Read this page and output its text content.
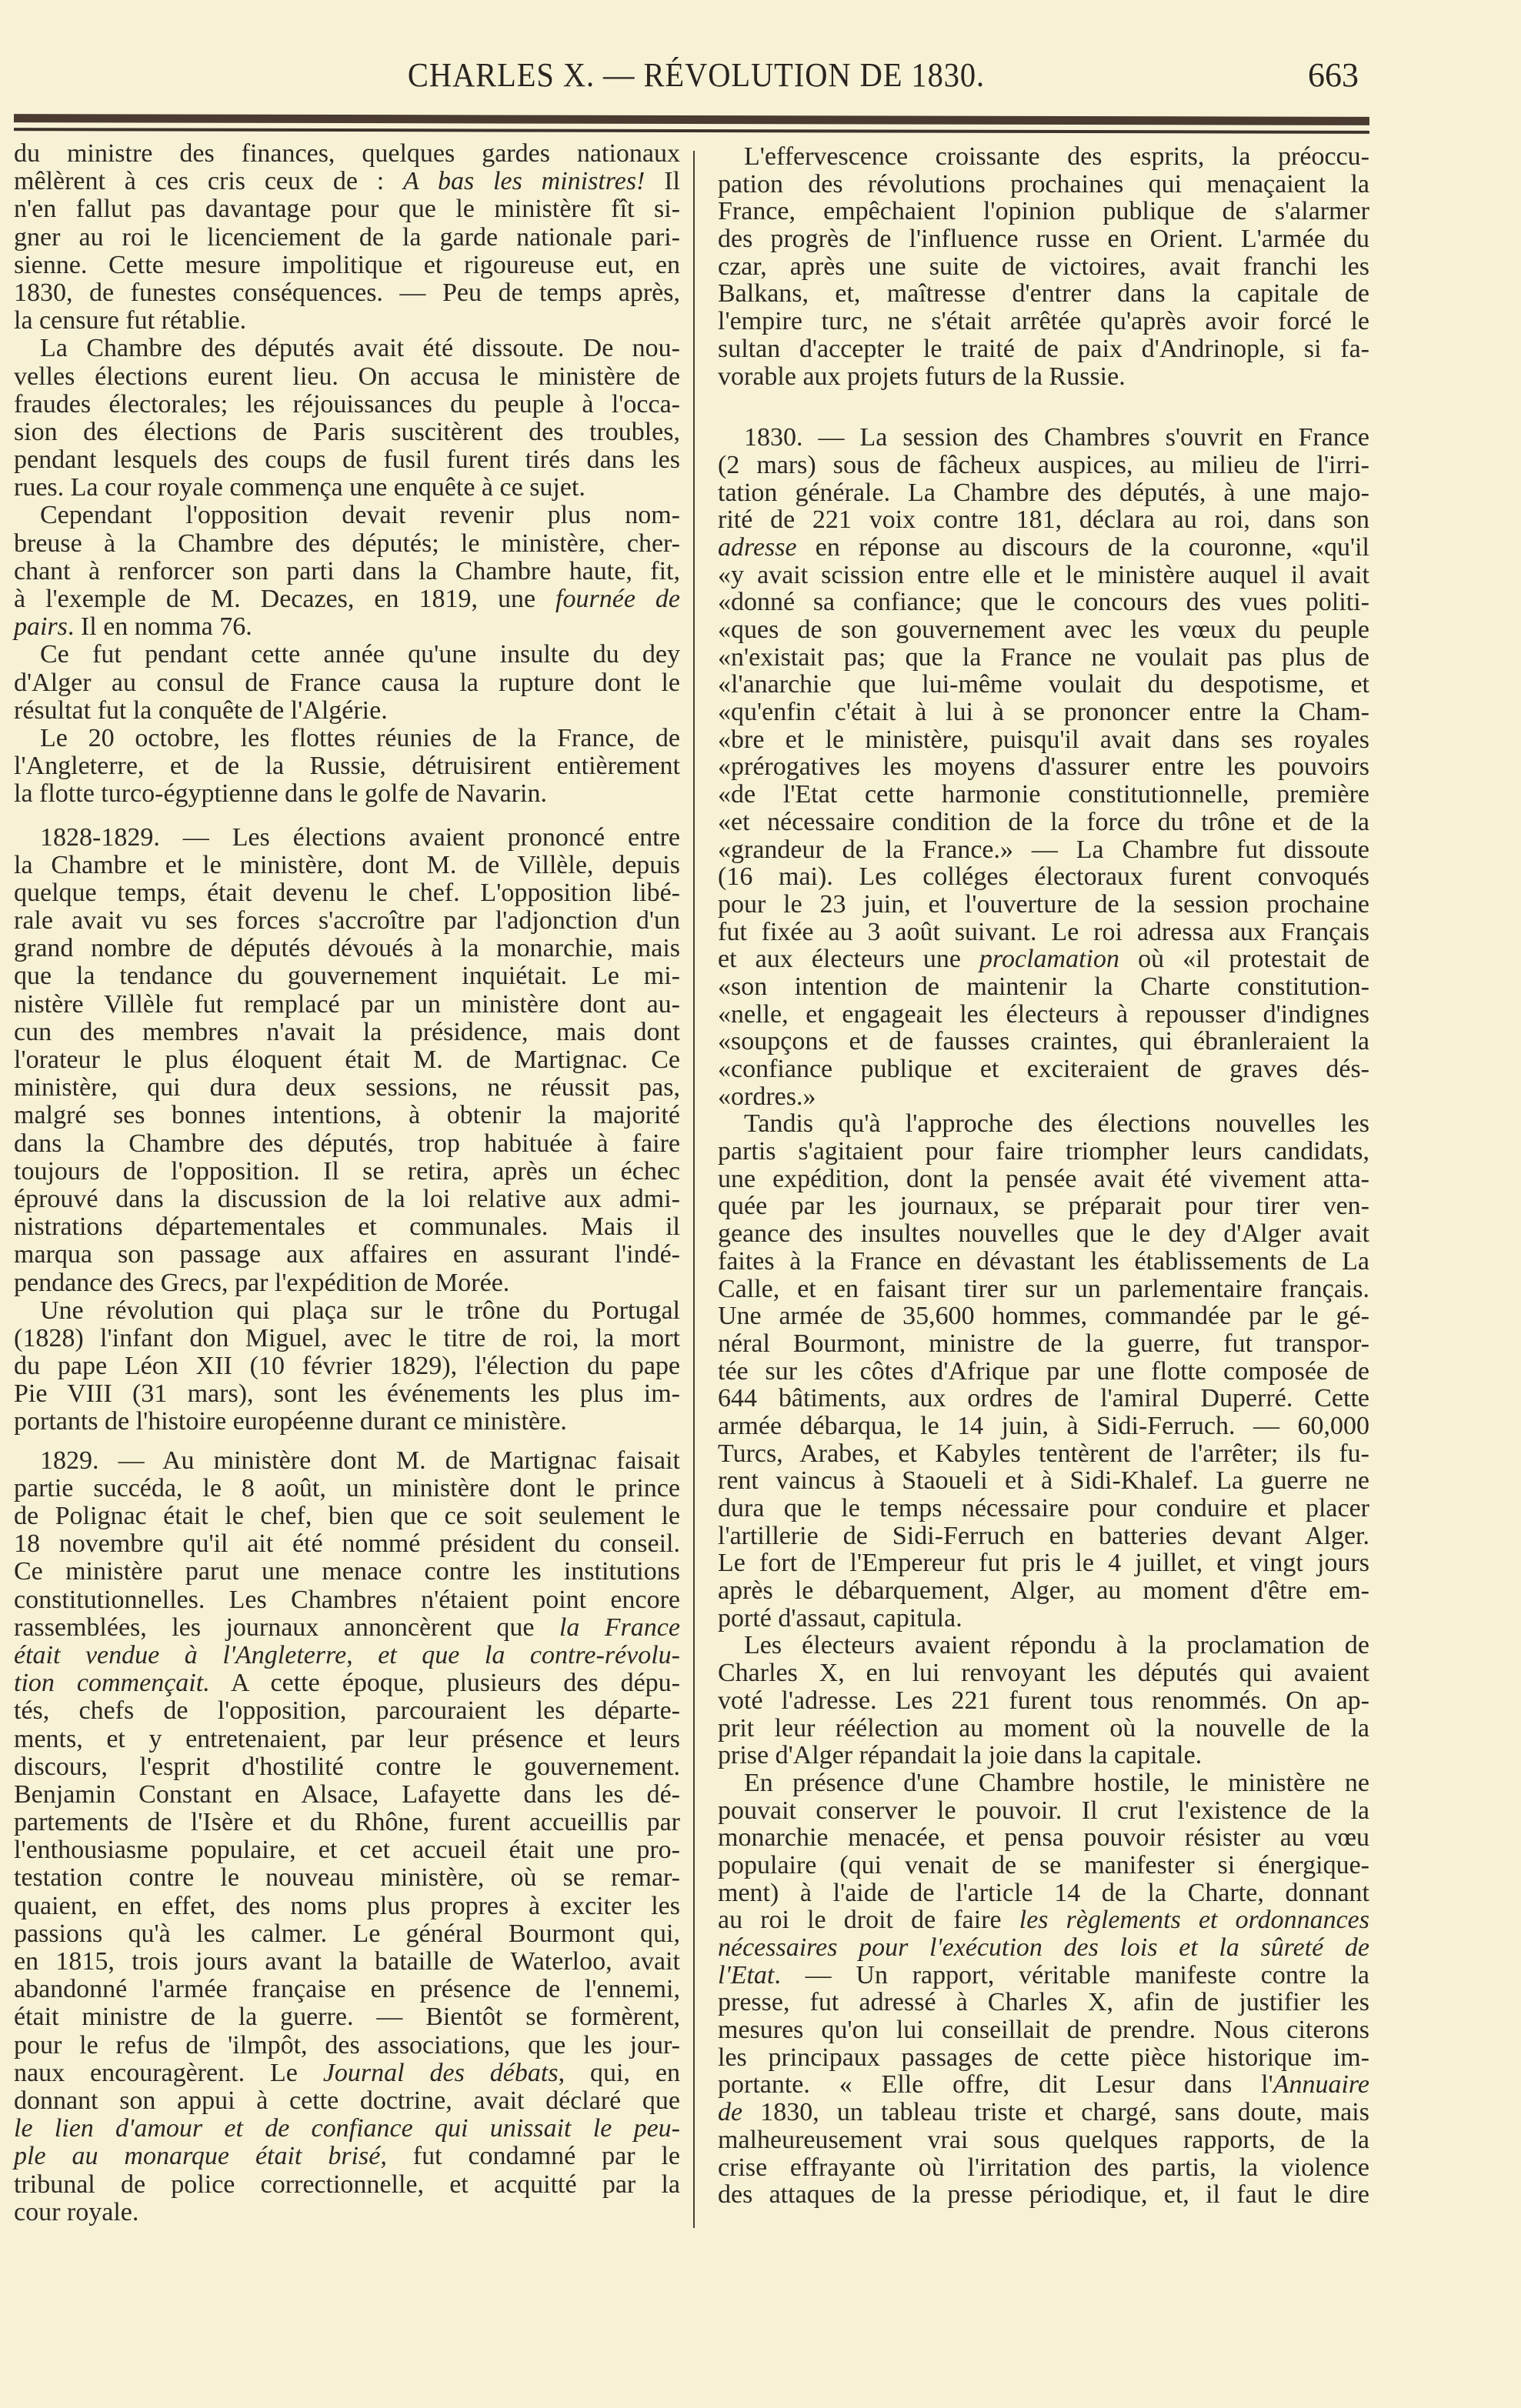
CHARLES X. — RÉVOLUTION DE 1830.	663
du ministre des finances, quelques gardes nationaux
mêlèrent à ces cris ceux de : A bas les ministres! Il
n'en fallut pas davantage pour que le ministère fît si-
gner au roi le licenciement de la garde nationale pari-
sienne. Cette mesure impolitique et rigoureuse eut, en
1830, de funestes conséquences. — Peu de temps après,
la censure fut rétablie.
La Chambre des députés avait été dissoute. De nou-
velles élections eurent lieu. On accusa le ministère de
fraudes électorales; les réjouissances du peuple à l'occa-
sion des élections de Paris suscitèrent des troubles,
pendant lesquels des coups de fusil furent tirés dans les
rues. La cour royale commença une enquête à ce sujet.
Cependant l'opposition devait revenir plus nom-
breuse à la Chambre des députés; le ministère, cher-
chant à renforcer son parti dans la Chambre haute, fit,
à l'exemple de M. Decazes, en 1819, une fournée de
pairs. Il en nomma 76.
Ce fut pendant cette année qu'une insulte du dey
d'Alger au consul de France causa la rupture dont le
résultat fut la conquête de l'Algérie.
Le 20 octobre, les flottes réunies de la France, de
l'Angleterre, et de la Russie, détruisirent entièrement
la flotte turco-égyptienne dans le golfe de Navarin.
1828-1829. — Les élections avaient prononcé entre
la Chambre et le ministère, dont M. de Villèle, depuis
quelque temps, était devenu le chef. L'opposition libé-
rale avait vu ses forces s'accroître par l'adjonction d'un
grand nombre de députés dévoués à la monarchie, mais
que la tendance du gouvernement inquiétait. Le mi-
nistère Villèle fut remplacé par un ministère dont au-
cun des membres n'avait la présidence, mais dont
l'orateur le plus éloquent était M. de Martignac. Ce
ministère, qui dura deux sessions, ne réussit pas,
malgré ses bonnes intentions, à obtenir la majorité
dans la Chambre des députés, trop habituée à faire
toujours de l'opposition. Il se retira, après un échec
éprouvé dans la discussion de la loi relative aux admi-
nistrations départementales et communales. Mais il
marqua son passage aux affaires en assurant l'indé-
pendance des Grecs, par l'expédition de Morée.
Une révolution qui plaça sur le trône du Portugal
(1828) l'infant don Miguel, avec le titre de roi, la mort
du pape Léon XII (10 février 1829), l'élection du pape
Pie VIII (31 mars), sont les événements les plus im-
portants de l'histoire européenne durant ce ministère.
1829. — Au ministère dont M. de Martignac faisait
partie succéda, le 8 août, un ministère dont le prince
de Polignac était le chef, bien que ce soit seulement le
18 novembre qu'il ait été nommé président du conseil.
Ce ministère parut une menace contre les institutions
constitutionnelles. Les Chambres n'étaient point encore
rassemblées, les journaux annoncèrent que la France
était vendue à l'Angleterre, et que la contre-révolu-
tion commençait. A cette époque, plusieurs des dépu-
tés, chefs de l'opposition, parcouraient les départe-
ments, et y entretenaient, par leur présence et leurs
discours, l'esprit d'hostilité contre le gouvernement.
Benjamin Constant en Alsace, Lafayette dans les dé-
partements de l'Isère et du Rhône, furent accueillis par
l'enthousiasme populaire, et cet accueil était une pro-
testation contre le nouveau ministère, où se remar-
quaient, en effet, des noms plus propres à exciter les
passions qu'à les calmer. Le général Bourmont qui,
en 1815, trois jours avant la bataille de Waterloo, avait
abandonné l'armée française en présence de l'ennemi,
était ministre de la guerre. — Bientôt se formèrent,
pour le refus de 'ilmpôt, des associations, que les jour-
naux encouragèrent. Le Journal des débats, qui, en
donnant son appui à cette doctrine, avait déclaré que
le lien d'amour et de confiance qui unissait le peu-
ple au monarque était brisé, fut condamné par le
tribunal de police correctionnelle, et acquitté par la
cour royale.
L'effervescence croissante des esprits, la préoccu-
pation des révolutions prochaines qui menaçaient la
France, empêchaient l'opinion publique de s'alarmer
des progrès de l'influence russe en Orient. L'armée du
czar, après une suite de victoires, avait franchi les
Balkans, et, maîtresse d'entrer dans la capitale de
l'empire turc, ne s'était arrêtée qu'après avoir forcé le
sultan d'accepter le traité de paix d'Andrinople, si fa-
vorable aux projets futurs de la Russie.
1830. — La session des Chambres s'ouvrit en France
(2 mars) sous de fâcheux auspices, au milieu de l'irri-
tation générale. La Chambre des députés, à une majo-
rité de 221 voix contre 181, déclara au roi, dans son
adresse en réponse au discours de la couronne, «qu'il
«y avait scission entre elle et le ministère auquel il avait
«donné sa confiance; que le concours des vues politi-
«ques de son gouvernement avec les vœux du peuple
«n'existait pas; que la France ne voulait pas plus de
«l'anarchie que lui-même voulait du despotisme, et
«qu'enfin c'était à lui à se prononcer entre la Cham-
«bre et le ministère, puisqu'il avait dans ses royales
«prérogatives les moyens d'assurer entre les pouvoirs
«de l'Etat cette harmonie constitutionnelle, première
«et nécessaire condition de la force du trône et de la
«grandeur de la France.» — La Chambre fut dissoute
(16 mai). Les colléges électoraux furent convoqués
pour le 23 juin, et l'ouverture de la session prochaine
fut fixée au 3 août suivant. Le roi adressa aux Français
et aux électeurs une proclamation où «il protestait de
«son intention de maintenir la Charte constitution-
«nelle, et engageait les électeurs à repousser d'indignes
«soupçons et de fausses craintes, qui ébranleraient la
«confiance publique et exciteraient de graves dés-
«ordres.»
Tandis qu'à l'approche des élections nouvelles les
partis s'agitaient pour faire triompher leurs candidats,
une expédition, dont la pensée avait été vivement atta-
quée par les journaux, se préparait pour tirer ven-
geance des insultes nouvelles que le dey d'Alger avait
faites à la France en dévastant les établissements de La
Calle, et en faisant tirer sur un parlementaire français.
Une armée de 35,600 hommes, commandée par le gé-
néral Bourmont, ministre de la guerre, fut transpor-
tée sur les côtes d'Afrique par une flotte composée de
644 bâtiments, aux ordres de l'amiral Duperré. Cette
armée débarqua, le 14 juin, à Sidi-Ferruch. — 60,000
Turcs, Arabes, et Kabyles tentèrent de l'arrêter; ils fu-
rent vaincus à Staoueli et à Sidi-Khalef. La guerre ne
dura que le temps nécessaire pour conduire et placer
l'artillerie de Sidi-Ferruch en batteries devant Alger.
Le fort de l'Empereur fut pris le 4 juillet, et vingt jours
après le débarquement, Alger, au moment d'être em-
porté d'assaut, capitula.
Les électeurs avaient répondu à la proclamation de
Charles X, en lui renvoyant les députés qui avaient
voté l'adresse. Les 221 furent tous renommés. On ap-
prit leur réélection au moment où la nouvelle de la
prise d'Alger répandait la joie dans la capitale.
En présence d'une Chambre hostile, le ministère ne
pouvait conserver le pouvoir. Il crut l'existence de la
monarchie menacée, et pensa pouvoir résister au vœu
populaire (qui venait de se manifester si énergique-
ment) à l'aide de l'article 14 de la Charte, donnant
au roi le droit de faire les règlements et ordonnances
nécessaires pour l'exécution des lois et la sûreté de
l'Etat. — Un rapport, véritable manifeste contre la
presse, fut adressé à Charles X, afin de justifier les
mesures qu'on lui conseillait de prendre. Nous citerons
les principaux passages de cette pièce historique im-
portante. « Elle offre, dit Lesur dans l'Annuaire
de 1830, un tableau triste et chargé, sans doute, mais
malheureusement vrai sous quelques rapports, de la
crise effrayante où l'irritation des partis, la violence
des attaques de la presse périodique, et, il faut le dire
